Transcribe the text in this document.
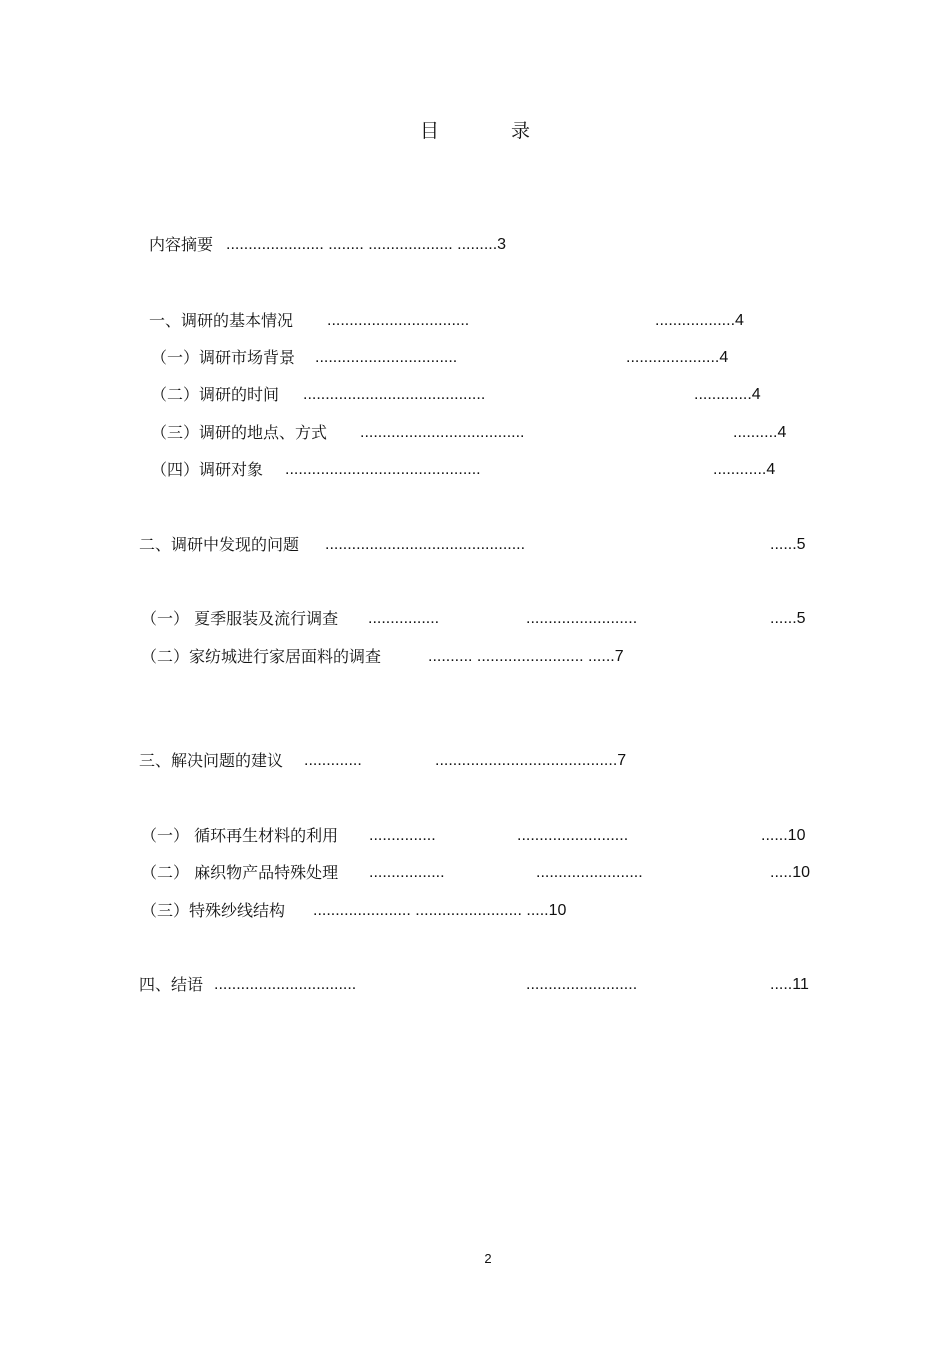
目	录
内容摘要 ...................... ........ ................... .........3
一、调研的基本情况 ................................	..................4
（一）调研市场背景 ................................	.....................4
（二）调研的时间 .........................................	.............4
（三）调研的地点、方式 .....................................	..........4
（四）调研对象 ............................................	............4
二、调研中发现的问题 .............................................	......5
（一） 夏季服装及流行调查 ................	.........................	......5
（二）家纺城进行家居面料的调查	.......... ........................ ......7
三、解决问题的建议 .............	.........................................7
（一） 循环再生材料的利用 ...............	.........................	......10
（二） 麻织物产品特殊处理 .................	........................	.....10
（三）特殊纱线结构 ...................... ........................ .....10
四、结语 ................................	.........................	.....11
2
